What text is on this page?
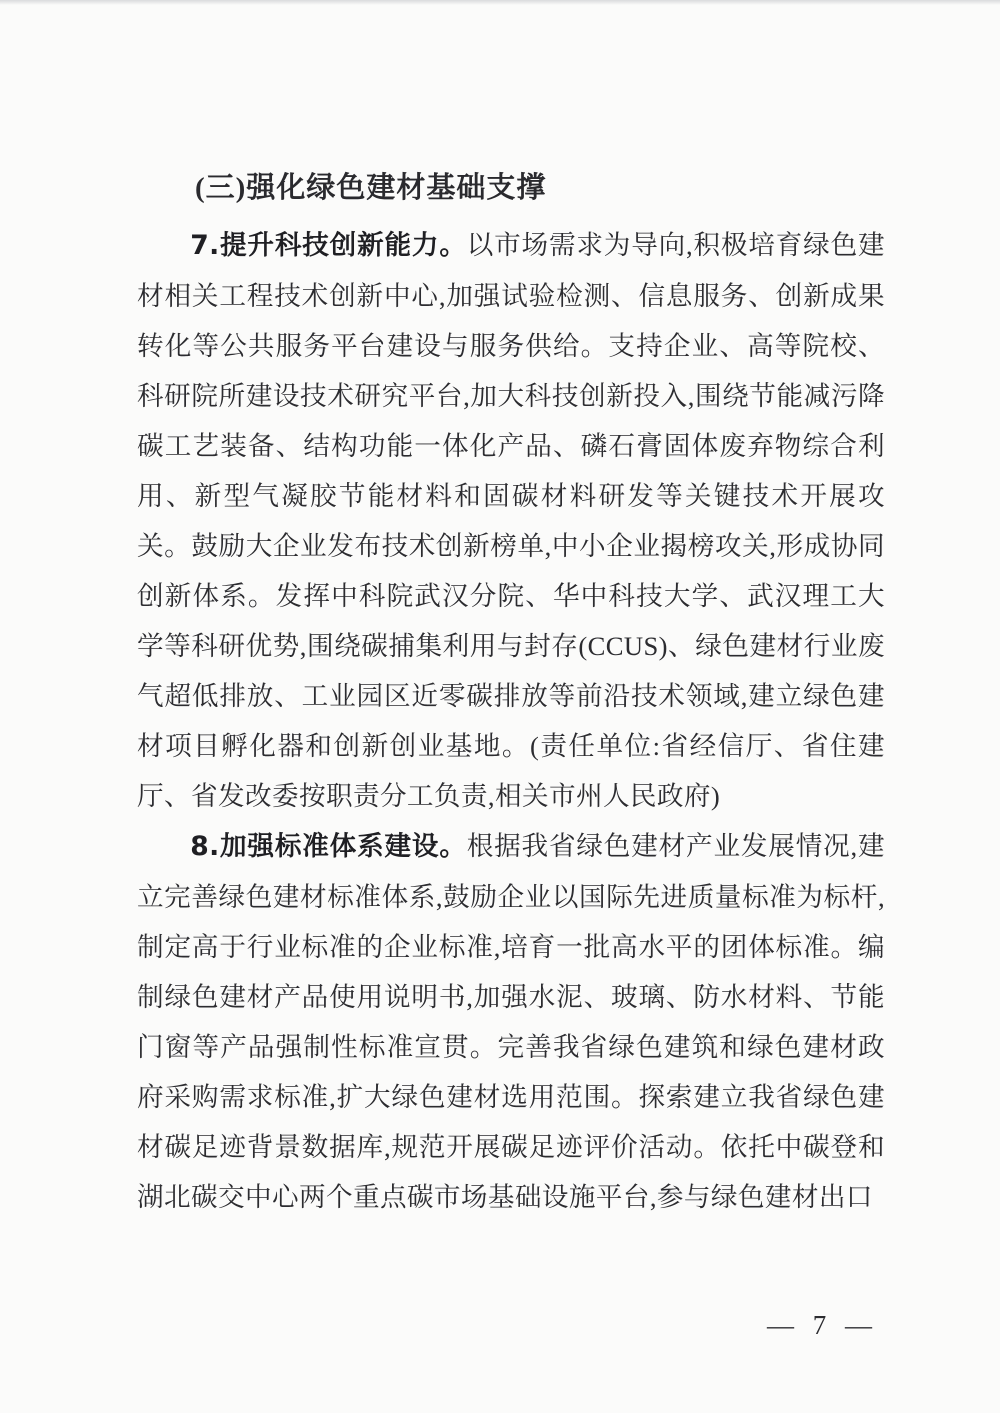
(三)强化绿色建材基础支撑

7.提升科技创新能力。以市场需求为导向,积极培育绿色建材相关工程技术创新中心,加强试验检测、信息服务、创新成果转化等公共服务平台建设与服务供给。支持企业、高等院校、科研院所建设技术研究平台,加大科技创新投入,围绕节能减污降碳工艺装备、结构功能一体化产品、磷石膏固体废弃物综合利用、新型气凝胶节能材料和固碳材料研发等关键技术开展攻关。鼓励大企业发布技术创新榜单,中小企业揭榜攻关,形成协同创新体系。发挥中科院武汉分院、华中科技大学、武汉理工大学等科研优势,围绕碳捕集利用与封存(CCUS)、绿色建材行业废气超低排放、工业园区近零碳排放等前沿技术领域,建立绿色建材项目孵化器和创新创业基地。(责任单位:省经信厅、省住建厅、省发改委按职责分工负责,相关市州人民政府)

8.加强标准体系建设。根据我省绿色建材产业发展情况,建立完善绿色建材标准体系,鼓励企业以国际先进质量标准为标杆,制定高于行业标准的企业标准,培育一批高水平的团体标准。编制绿色建材产品使用说明书,加强水泥、玻璃、防水材料、节能门窗等产品强制性标准宣贯。完善我省绿色建筑和绿色建材政府采购需求标准,扩大绿色建材选用范围。探索建立我省绿色建材碳足迹背景数据库,规范开展碳足迹评价活动。依托中碳登和湖北碳交中心两个重点碳市场基础设施平台,参与绿色建材出口

— 7 —
